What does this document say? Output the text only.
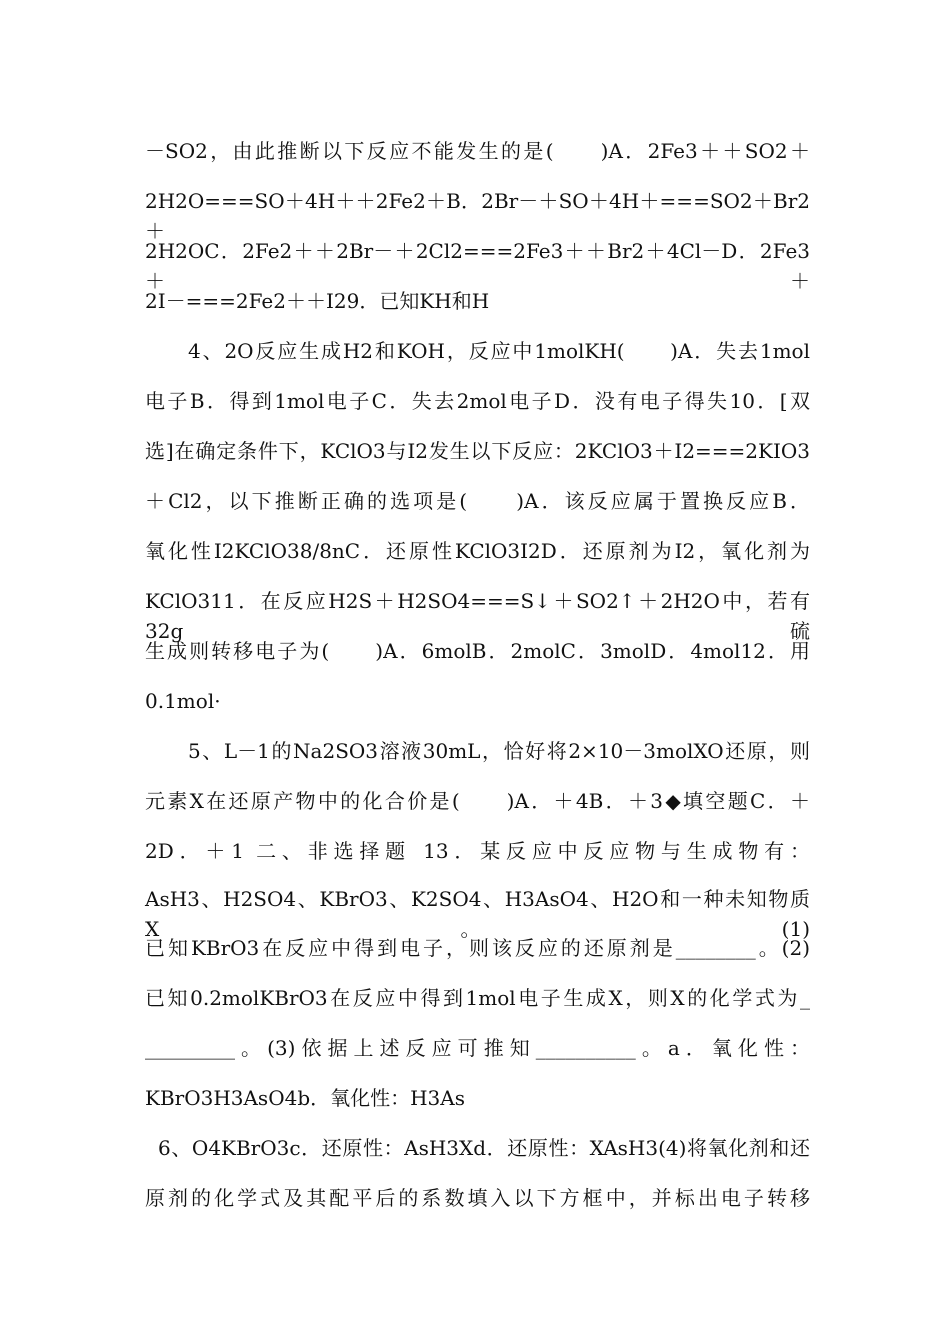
－SO2，由此推断以下反应不能发生的是(　　)A．2Fe3＋＋SO2＋
2H2O===SO＋4H＋＋2Fe2＋B．2Br－＋SO＋4H＋===SO2＋Br2＋
2H2OC．2Fe2＋＋2Br－＋2Cl2===2Fe3＋＋Br2＋4Cl－D．2Fe3＋＋
2I－===2Fe2＋＋I29．已知KH和H
4、2O反应生成H2和KOH，反应中1molKH(　　)A．失去1mol
电子B．得到1mol电子C．失去2mol电子D．没有电子得失10．[双
选]在确定条件下，KClO3与I2发生以下反应：2KClO3＋I2===2KIO3
＋Cl2，以下推断正确的选项是(　　)A．该反应属于置换反应B．
氧化性I2KClO38/8nC．还原性KClO3I2D．还原剂为I2，氧化剂为
KClO311．在反应H2S＋H2SO4===S↓＋SO2↑＋2H2O中，若有32g硫
生成则转移电子为(　　)A．6molB．2molC．3molD．4mol12．用
0.1mol·
5、L－1的Na2SO3溶液30mL，恰好将2×10－3molXO还原，则
元素X在还原产物中的化合价是(　　)A．＋4B．＋3◆填空题C．＋
2D．＋1 二、非选择题 13．某反应中反应物与生成物有：
AsH3、H2SO4、KBrO3、K2SO4、H3AsO4、H2O和一种未知物质X。(1)
已知KBrO3在反应中得到电子，则该反应的还原剂是________。(2)
已知0.2molKBrO3在反应中得到1mol电子生成X，则X的化学式为_
_________。(3)依据上述反应可推知__________。a．氧化性：
KBrO3H3AsO4b．氧化性：H3As
6、O4KBrO3c．还原性：AsH3Xd．还原性：XAsH3(4)将氧化剂和还
原剂的化学式及其配平后的系数填入以下方框中，并标出电子转移
